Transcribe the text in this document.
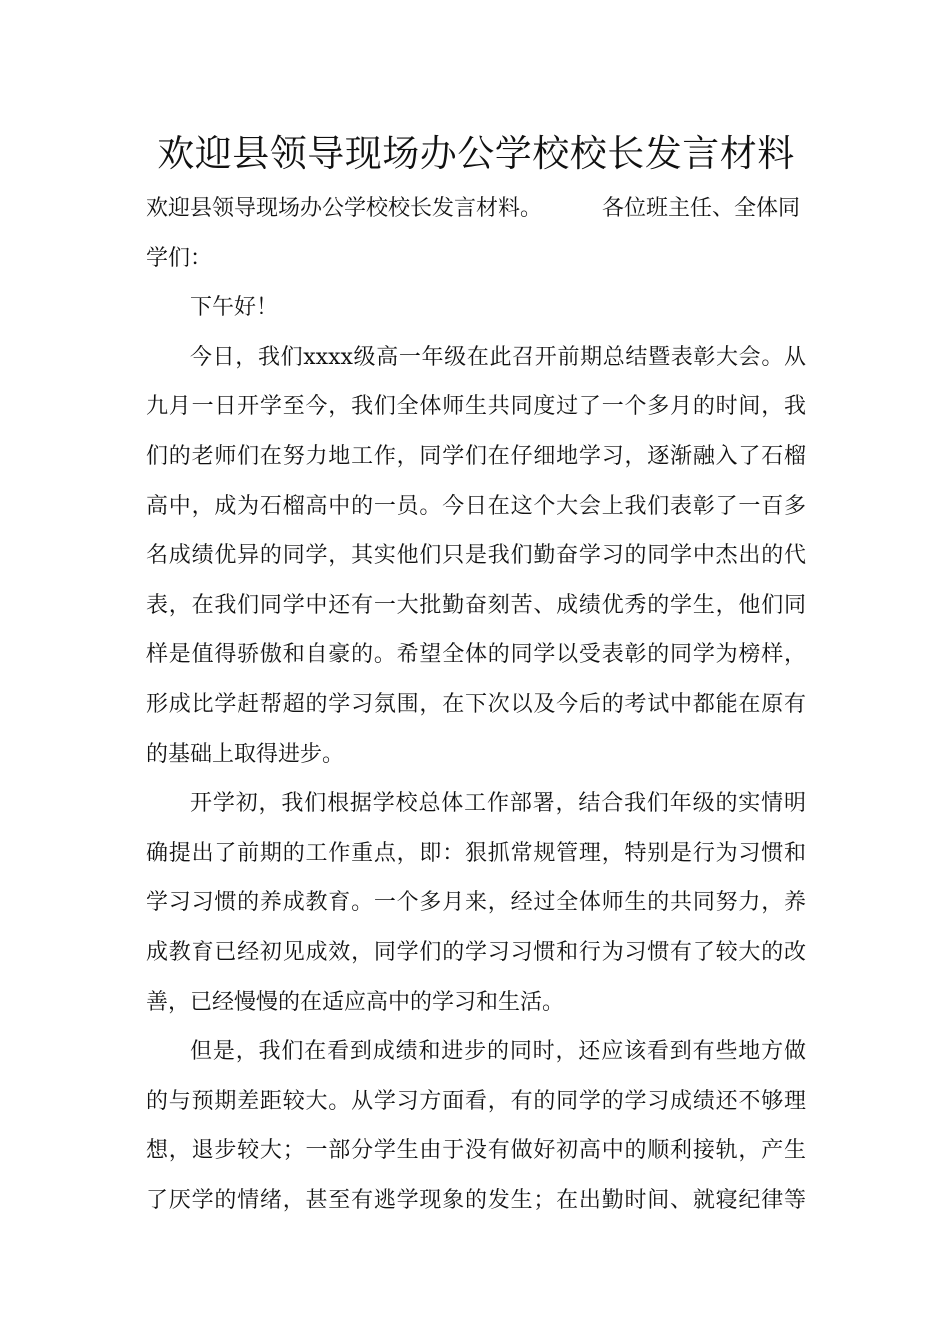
欢迎县领导现场办公学校校长发言材料
欢迎县领导现场办公学校校长发言材料。	各位班主任、全体同
学们：
下午好！
今日，我们xxxx级高一年级在此召开前期总结暨表彰大会。从
九月一日开学至今，我们全体师生共同度过了一个多月的时间，我
们的老师们在努力地工作，同学们在仔细地学习，逐渐融入了石榴
高中，成为石榴高中的一员。今日在这个大会上我们表彰了一百多
名成绩优异的同学，其实他们只是我们勤奋学习的同学中杰出的代
表，在我们同学中还有一大批勤奋刻苦、成绩优秀的学生，他们同
样是值得骄傲和自豪的。希望全体的同学以受表彰的同学为榜样，
形成比学赶帮超的学习氛围，在下次以及今后的考试中都能在原有
的基础上取得进步。
开学初，我们根据学校总体工作部署，结合我们年级的实情明
确提出了前期的工作重点，即：狠抓常规管理，特别是行为习惯和
学习习惯的养成教育。一个多月来，经过全体师生的共同努力，养
成教育已经初见成效，同学们的学习习惯和行为习惯有了较大的改
善，已经慢慢的在适应高中的学习和生活。
但是，我们在看到成绩和进步的同时，还应该看到有些地方做
的与预期差距较大。从学习方面看，有的同学的学习成绩还不够理
想，退步较大；一部分学生由于没有做好初高中的顺利接轨，产生
了厌学的情绪，甚至有逃学现象的发生；在出勤时间、就寝纪律等
